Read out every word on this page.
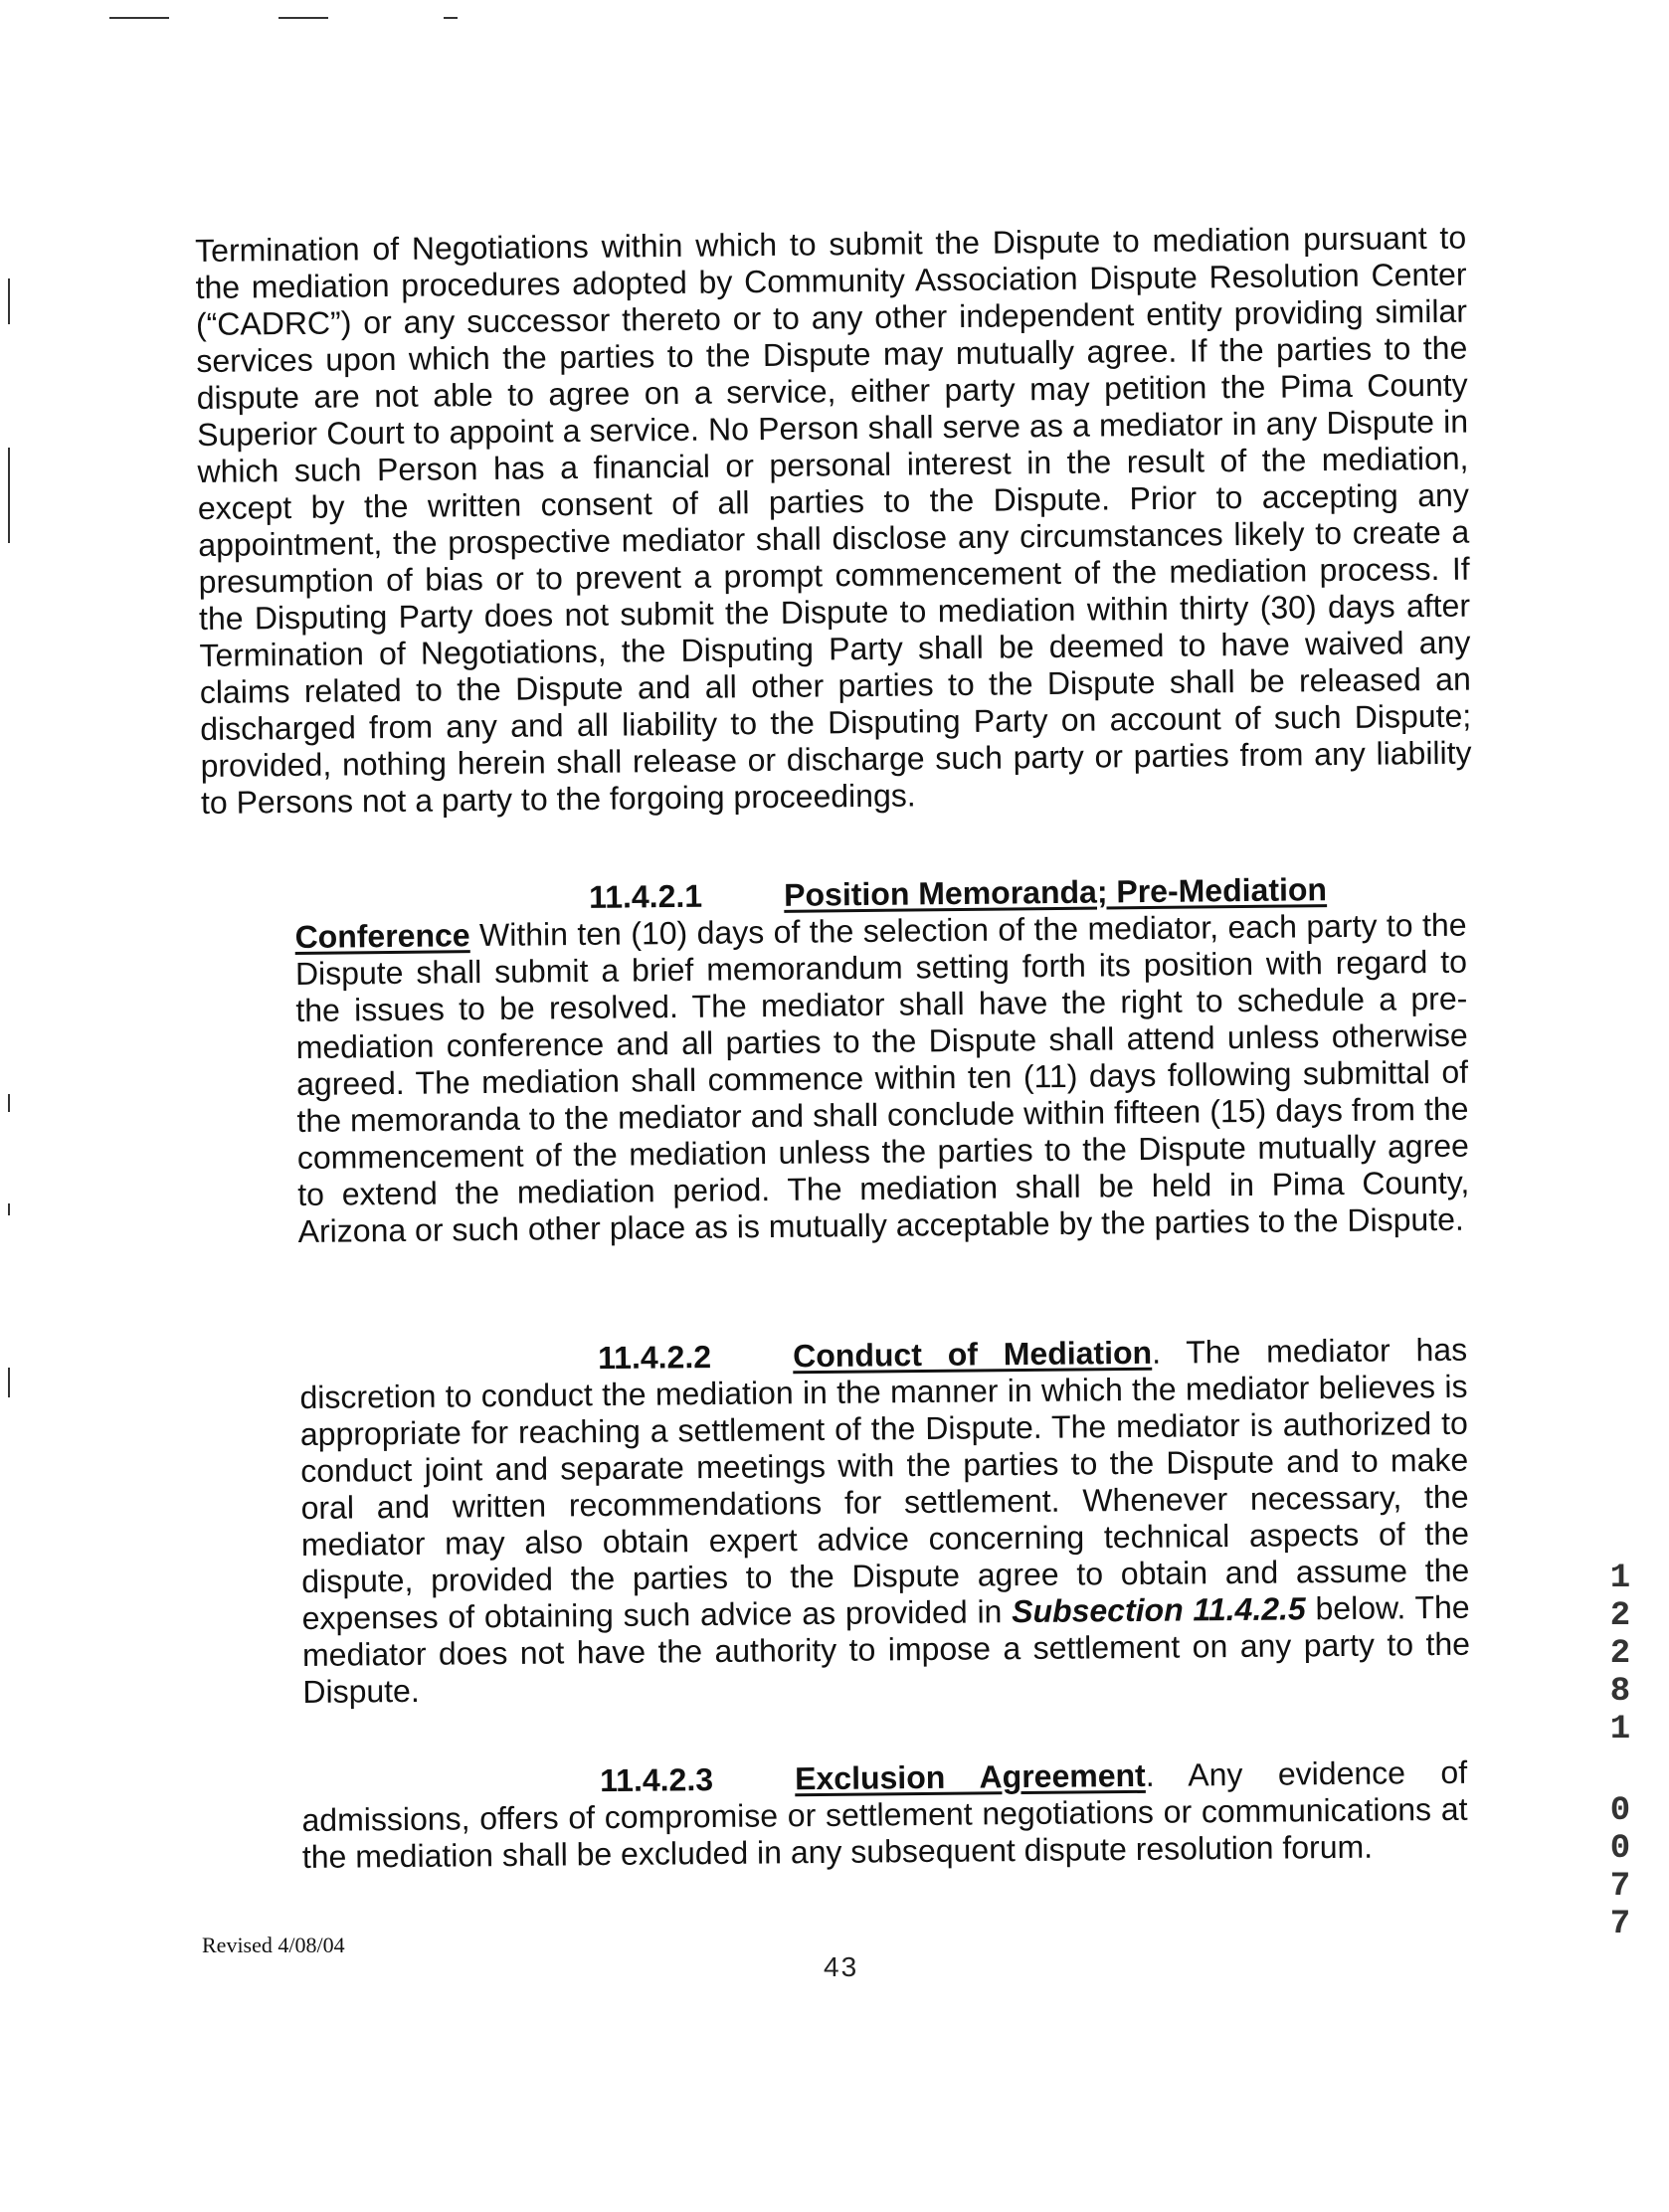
Termination of Negotiations within which to submit the Dispute to mediation pursuant to the mediation procedures adopted by Community Association Dispute Resolution Center (“CADRC”) or any successor thereto or to any other independent entity providing similar services upon which the parties to the Dispute may mutually agree. If the parties to the dispute are not able to agree on a service, either party may petition the Pima County Superior Court to appoint a service. No Person shall serve as a mediator in any Dispute in which such Person has a financial or personal interest in the result of the mediation, except by the written consent of all parties to the Dispute. Prior to accepting any appointment, the prospective mediator shall disclose any circumstances likely to create a presumption of bias or to prevent a prompt commencement of the mediation process. If the Disputing Party does not submit the Dispute to mediation within thirty (30) days after Termination of Negotiations, the Disputing Party shall be deemed to have waived any claims related to the Dispute and all other parties to the Dispute shall be released an discharged from any and all liability to the Disputing Party on account of such Dispute; provided, nothing herein shall release or discharge such party or parties from any liability to Persons not a party to the forgoing proceedings.

11.4.2.1	Position Memoranda; Pre-Mediation
Conference Within ten (10) days of the selection of the mediator, each party to the Dispute shall submit a brief memorandum setting forth its position with regard to the issues to be resolved. The mediator shall have the right to schedule a pre-mediation conference and all parties to the Dispute shall attend unless otherwise agreed. The mediation shall commence within ten (11) days following submittal of the memoranda to the mediator and shall conclude within fifteen (15) days from the commencement of the mediation unless the parties to the Dispute mutually agree to extend the mediation period. The mediation shall be held in Pima County, Arizona or such other place as is mutually acceptable by the parties to the Dispute.
11.4.2.2	Conduct of Mediation. The mediator has discretion to conduct the mediation in the manner in which the mediator believes is appropriate for reaching a settlement of the Dispute. The mediator is authorized to conduct joint and separate meetings with the parties to the Dispute and to make oral and written recommendations for settlement. Whenever necessary, the mediator may also obtain expert advice concerning technical aspects of the dispute, provided the parties to the Dispute agree to obtain and assume the expenses of obtaining such advice as provided in Subsection 11.4.2.5 below. The mediator does not have the authority to impose a settlement on any party to the Dispute.
11.4.2.3	Exclusion Agreement. Any evidence of admissions, offers of compromise or settlement negotiations or communications at the mediation shall be excluded in any subsequent dispute resolution forum.
Revised 4/08/04
43
1
2
2
8
1
0
0
7
7
